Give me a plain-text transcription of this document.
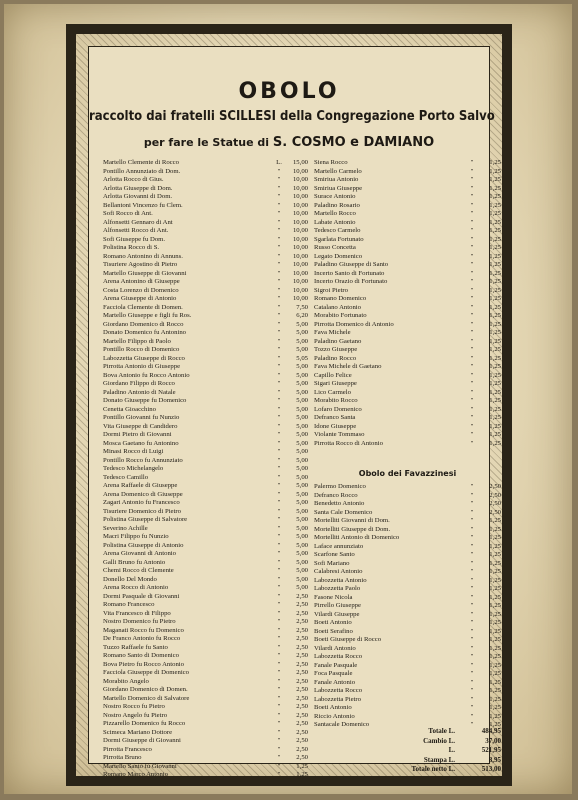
OBOLO
raccolto dai fratelli SCILLESI della Congregazione Porto Salvo
per fare le Statue di S. COSMO e DAMIANO
Martello Clemente di Rocco	L.	15,00
Pontillo Annunziato di Dom.	"	10,00
Arlotta Rocco di Gius.	"	10,00
Arlotta Giuseppe di Dom.	"	10,00
Arlotta Giovanni di Dom.	"	10,00
Bellantoni Vincenzo fu Clem.	"	10,00
Sofi Rocco di Ant.	"	10,00
Alfonsetti Gennaro di Ant	"	10,00
Alfonsetti Rocco di Ant.	"	10,00
Sofi Giuseppe fu Dom.	"	10,00
Polistina Rocco di S.	"	10,00
Romano Antonino di Annuns.	"	10,00
Tisuriere Agostino di Pietro	"	10,00
Martello Giuseppe di Giovanni	"	10,00
Arena Antonino di Giuseppe	"	10,00
Costa Lorenzo di Domenico	"	10,00
Arena Giuseppe di Antonio	"	10,00
Facciola Clemente di Domen.	"	7,50
Martello Giuseppe e figli fu Ros.	"	6,20
Giordano Domenico di Rocco	"	5,00
Donato Domenico fu Antonino	"	5,00
Martello Filippo di Paolo	"	5,00
Pontillo Rocco di Domenico	"	5,00
Labozzetta Giuseppe di Rocco	"	5,05
Pirrotta Antonio di Giuseppe	"	5,00
Bova Antonio fu Rocco Antonio	"	5,00
Giordano Filippo di Rocco	"	5,00
Paladino Antonio di Natale	"	5,00
Donato Giuseppe fu Domenico	"	5,00
Cenetta Gioacchino	"	5,00
Pontillo Giovanni fu Nunzio	"	5,00
Vita Giuseppe di Candidero	"	5,00
Dormi Pietro di Giovanni	"	5,00
Mosca Gaetano fu Antonino	"	5,00
Minasi Rocco di Luigi	"	5,00
Pontillo Rocco fu Annunziato	"	5,00
Tedesco Michelangelo	"	5,00
Tedesco Camillo	"	5,00
Arena Raffaele di Giuseppe	"	5,00
Arena Domenico di Giuseppe	"	5,00
Zagari Antonio fu Francesco	"	5,00
Tisuriere Domenico di Pietro	"	5,00
Polistina Giuseppe di Salvatore	"	5,00
Severino Achille	"	5,00
Macri Filippo fu Nunzio	"	5,00
Polistina Giuseppe di Antonio	"	5,00
Arena Giovanni di Antonio	"	5,00
Galli Bruno fu Antonio	"	5,00
Chemi Rocco di Clemente	"	5,00
Donello Del Mondo	"	5,00
Arena Rocco di Antonio	"	5,00
Dormi Pasquale di Giovanni	"	2,50
Romano Francesco	"	2,50
Vita Francesco di Filippo	"	2,50
Nostro Domenico fu Pietro	"	2,50
Maganati Rocco fu Domenico	"	2,50
De Franco Antonio fu Rocco	"	2,50
Tuzzo Raffaele fu Santo	"	2,50
Romano Santo di Domenico	"	2,50
Bova Pietro fu Rocco Antonio	"	2,50
Facciola Giuseppe di Domenico	"	2,50
Morabito Angelo	"	2,50
Giordano Domenico di Domen.	"	2,50
Martello Domenico di Salvatore	"	2,50
Nostro Rocco fu Pietro	"	2,50
Nostro Angelo fu Pietro	"	2,50
Pizzarello Domenico fu Rocco	"	2,50
Scimeca Mariano Dottore	"	2,50
Dormi Giuseppe di Giovanni	"	2,50
Pirrotta Francesco	"	2,50
Pirrotta Bruno	"	2,50
Martello Santo fu Giovanni	"	1,25
Romano Marco Antonio	"	1,25
Siena Rocco	"	1,25
Martello Carmelo	"	1,25
Smiriua Antonio	"	1,25
Smiriua Giuseppe	"	1,25
Surace Antonio	"	1,25
Paladino Rosario	"	1,25
Martello Rocco	"	1,25
Labate Antonio	"	1,25
Tedesco Carmelo	"	1,25
Sgarlata Fortunato	"	1,25
Russo Concetta	"	1,25
Legato Domenico	"	1,25
Paladino Giuseppe di Santo	"	1,25
Incerto Santo di Fortunato	"	1,25
Incerto Orazio di Fortunato	"	1,25
Sigroi Pietro	"	1,25
Romano Domenico	"	1,25
Catalano Antonio	"	1,25
Morabito Fortunato	"	1,25
Pirrotta Domenico di Antonio	"	1,25
Fava Michele	"	1,25
Paladino Gaetano	"	1,25
Tozzo Giuseppe	"	1,25
Paladino Rocco	"	1,25
Fava Michele di Gaetano	"	1,25
Capillo Felice	"	1,25
Sigari Giuseppe	"	1,25
Lico Carmelo	"	1,25
Morabito Rocco	"	1,25
Lofaro Domenico	"	1,25
Defranco Santa	"	1,25
Idone Giuseppe	"	1,25
Violante Tommaso	"	1,25
Pirrotta Rocco di Antonio	"	1,25
Obolo dei Favazzinesi
Palermo Domenico	"	2,50
Defranco Rocco	"	2,50
Benedetto Antonio	"	2,50
Santa Cale Domenico	"	2,50
Mortelliti Giovanni di Dom.	"	1,25
Mortelliti Giuseppe di Dom.	"	1,25
Mortelliti Antonio di Domenico	"	1,25
Laface annunziato	"	1,25
Scarfone Santo	"	1,25
Sofi Mariano	"	1,25
Calabresi Antonio	"	1,25
Labozzetta Antonio	"	1,25
Labozzetta Paolo	"	1,25
Fasone Nicola	"	1,25
Pirrello Giuseppe	"	1,25
Vilardi Giuseppe	"	1,25
Boeti Antonio	"	1,25
Boeti Serafino	"	1,25
Boeti Giuseppe di Rocco	"	1,25
Vilardi Antonio	"	1,25
Labozzetta Rocco	"	1,25
Fanale Pasquale	"	1,25
Foca Pasquale	"	1,25
Fanale Antonio	"	1,25
Labozzetta Rocco	"	1,25
Labozzetta Pietro	"	1,25
Boeti Antonio	"	1,25
Riccio Antonio	"	1,25
Santacale Domenico	"	1,25
Totale L.	484,95
Cambio L.	37,00
L.	521,95
Stampa L.	8,95
Totale netto L.	513,00
